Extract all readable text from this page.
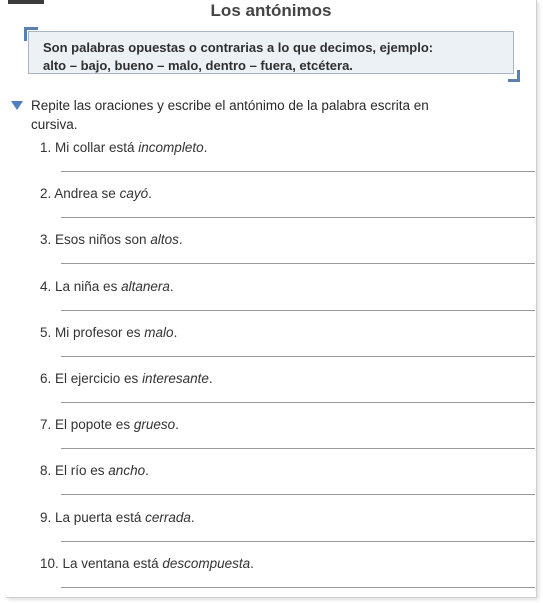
Los antónimos
Son palabras opuestas o contrarias a lo que decimos, ejemplo:
alto – bajo, bueno – malo, dentro – fuera, etcétera.
Repite las oraciones y escribe el antónimo de la palabra escrita en
cursiva.
1. Mi collar está incompleto.
2. Andrea se cayó.
3. Esos niños son altos.
4. La niña es altanera.
5. Mi profesor es malo.
6. El ejercicio es interesante.
7. El popote es grueso.
8. El río es ancho.
9. La puerta está cerrada.
10. La ventana está descompuesta.
